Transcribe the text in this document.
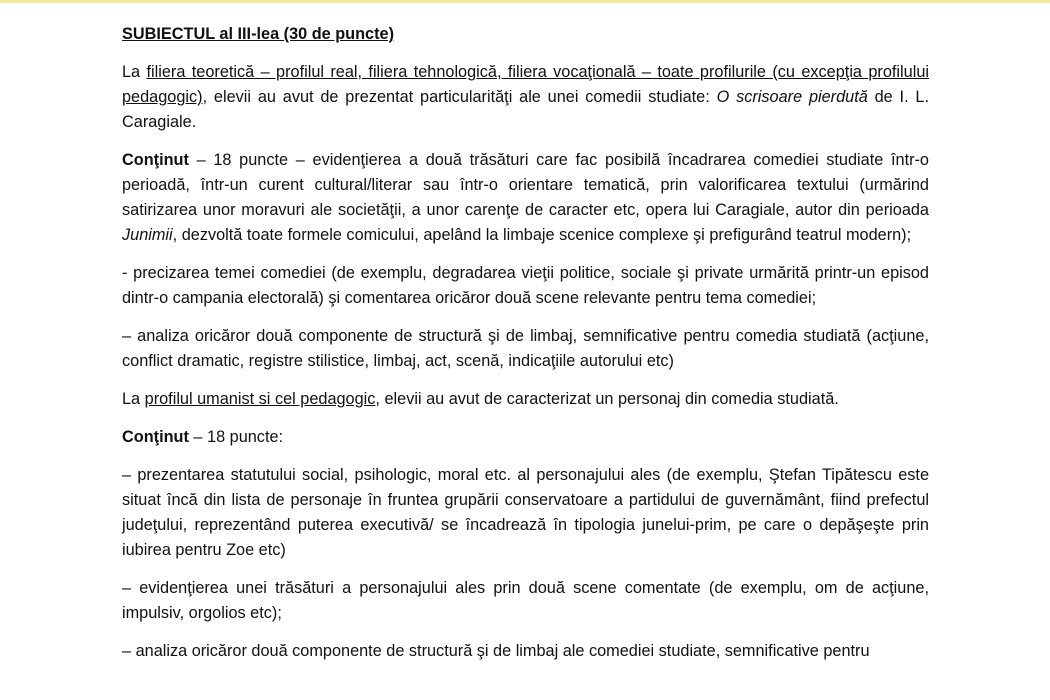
SUBIECTUL al III-lea (30 de puncte)

La filiera teoretică – profilul real, filiera tehnologică, filiera vocaţională – toate profilurile (cu excepţia profilului pedagogic), elevii au avut de prezentat particularităţi ale unei comedii studiate: O scrisoare pierdută de I. L. Caragiale.

Conţinut – 18 puncte – evidenţierea a două trăsături care fac posibilă încadrarea comediei studiate într-o perioadă, într-un curent cultural/literar sau într-o orientare tematică, prin valorificarea textului (urmărind satirizarea unor moravuri ale societăţii, a unor carenţe de caracter etc, opera lui Caragiale, autor din perioada Junimii, dezvoltă toate formele comicului, apelând la limbaje scenice complexe şi prefigurând teatrul modern);

- precizarea temei comediei (de exemplu, degradarea vieţii politice, sociale şi private urmărită printr-un episod dintr-o campania electorală) şi comentarea oricăror două scene relevante pentru tema comediei;

– analiza oricăror două componente de structură şi de limbaj, semnificative pentru comedia studiată (acţiune, conflict dramatic, registre stilistice, limbaj, act, scenă, indicaţiile autorului etc)

La profilul umanist si cel pedagogic, elevii au avut de caracterizat un personaj din comedia studiată.

Conţinut – 18 puncte:

– prezentarea statutului social, psihologic, moral etc. al personajului ales (de exemplu, Ştefan Tipătescu este situat încă din lista de personaje în fruntea grupării conservatoare a partidului de guvernământ, fiind prefectul judeţului, reprezentând puterea executivă/ se încadrează în tipologia junelui-prim, pe care o depăşeşte prin iubirea pentru Zoe etc)

– evidenţierea unei trăsături a personajului ales prin două scene comentate (de exemplu, om de acţiune, impulsiv, orgolios etc);

– analiza oricăror două componente de structură şi de limbaj ale comediei studiate, semnificative pentru
